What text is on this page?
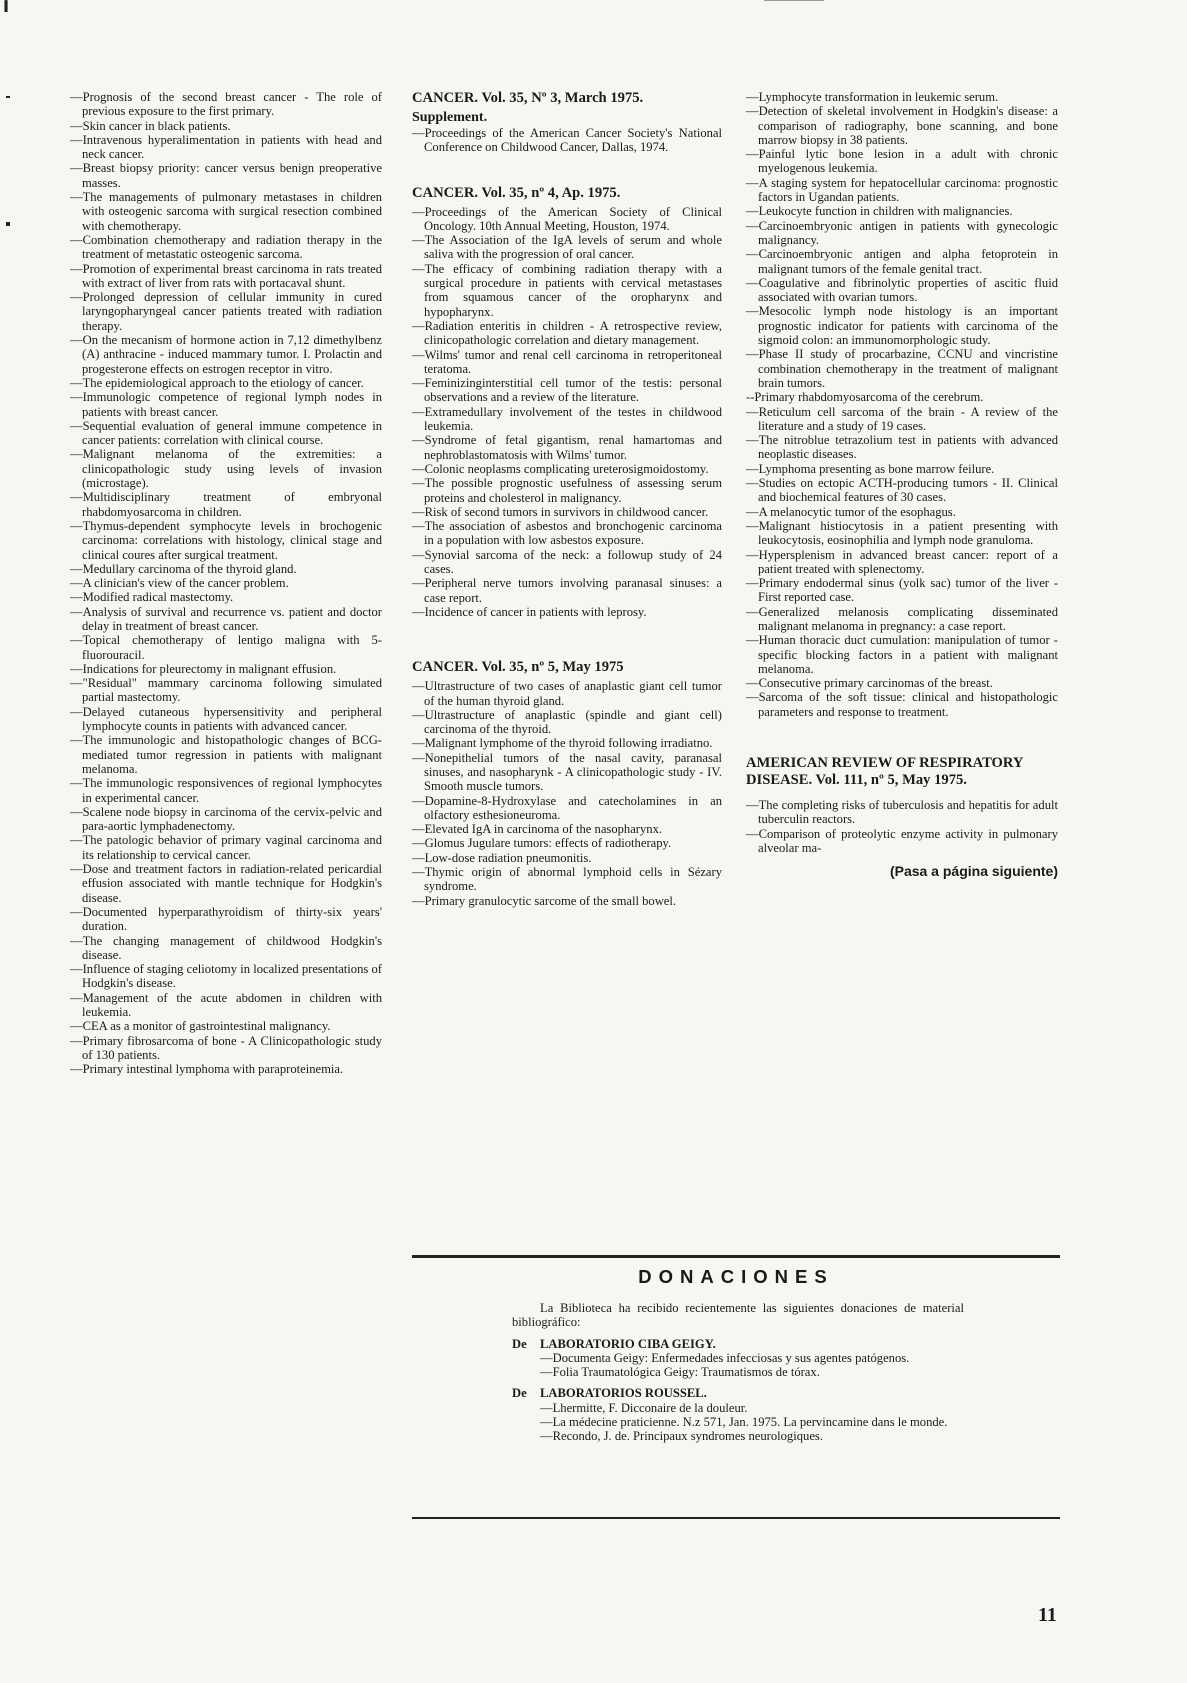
—Prognosis of the second breast cancer - The role of previous exposure to the first primary.

—Skin cancer in black patients.

—Intravenous hyperalimentation in patients with head and neck cancer.

—Breast biopsy priority: cancer versus benign preoperative masses.

—The managements of pulmonary metastases in children with osteogenic sarcoma with surgical resection combined with chemotherapy.

—Combination chemotherapy and radiation therapy in the treatment of metastatic osteogenic sarcoma.

—Promotion of experimental breast carcinoma in rats treated with extract of liver from rats with portacaval shunt.

—Prolonged depression of cellular immunity in cured laryngopharyngeal cancer patients treated with radiation therapy.

—On the mecanism of hormone action in 7,12 dimethylbenz (A) anthracine - induced mammary tumor. I. Prolactin and progesterone effects on estrogen receptor in vitro.

—The epidemiological approach to the etiology of cancer.

—Immunologic competence of regional lymph nodes in patients with breast cancer.

—Sequential evaluation of general immune competence in cancer patients: correlation with clinical course.

—Malignant melanoma of the extremities: a clinicopathologic study using levels of invasion (microstage).

—Multidisciplinary treatment of embryonal rhabdomyosarcoma in children.

—Thymus-dependent symphocyte levels in brochogenic carcinoma: correlations with histology, clinical stage and clinical coures after surgical treatment.

—Medullary carcinoma of the thyroid gland.

—A clinician's view of the cancer problem.

—Modified radical mastectomy.

—Analysis of survival and recurrence vs. patient and doctor delay in treatment of breast cancer.

—Topical chemotherapy of lentigo maligna with 5-fluorouracil.

—Indications for pleurectomy in malignant effusion.

—"Residual" mammary carcinoma following simulated partial mastectomy.

—Delayed cutaneous hypersensitivity and peripheral lymphocyte counts in patients with advanced cancer.

—The immunologic and histopathologic changes of BCG-mediated tumor regression in patients with malignant melanoma.

—The immunologic responsivences of regional lymphocytes in experimental cancer.

—Scalene node biopsy in carcinoma of the cervix-pelvic and para-aortic lymphadenectomy.

—The patologic behavior of primary vaginal carcinoma and its relationship to cervical cancer.

—Dose and treatment factors in radiation-related pericardial effusion associated with mantle technique for Hodgkin's disease.

—Documented hyperparathyroidism of thirty-six years' duration.

—The changing management of childwood Hodgkin's disease.

—Influence of staging celiotomy in localized presentations of Hodgkin's disease.

—Management of the acute abdomen in children with leukemia.

—CEA as a monitor of gastrointestinal malignancy.

—Primary fibrosarcoma of bone - A Clinicopathologic study of 130 patients.

—Primary intestinal lymphoma with paraproteinemia.

CANCER. Vol. 35, Nº 3, March 1975.

Supplement.

—Proceedings of the American Cancer Society's National Conference on Childwood Cancer, Dallas, 1974.

CANCER. Vol. 35, nº 4, Ap. 1975.

—Proceedings of the American Society of Clinical Oncology. 10th Annual Meeting, Houston, 1974.

—The Association of the IgA levels of serum and whole saliva with the progression of oral cancer.

—The efficacy of combining radiation therapy with a surgical procedure in patients with cervical metastases from squamous cancer of the oropharynx and hypopharynx.

—Radiation enteritis in children - A retrospective review, clinicopathologic correlation and dietary management.

—Wilms' tumor and renal cell carcinoma in retroperitoneal teratoma.

—Feminizinginterstitial cell tumor of the testis: personal observations and a review of the literature.

—Extramedullary involvement of the testes in childwood leukemia.

—Syndrome of fetal gigantism, renal hamartomas and nephroblastomatosis with Wilms' tumor.

—Colonic neoplasms complicating ureterosigmoidostomy.

—The possible prognostic usefulness of assessing serum proteins and cholesterol in malignancy.

—Risk of second tumors in survivors in childwood cancer.

—The association of asbestos and bronchogenic carcinoma in a population with low asbestos exposure.

—Synovial sarcoma of the neck: a followup study of 24 cases.

—Peripheral nerve tumors involving paranasal sinuses: a case report.

—Incidence of cancer in patients with leprosy.

CANCER. Vol. 35, nº 5, May 1975

—Ultrastructure of two cases of anaplastic giant cell tumor of the human thyroid gland.

—Ultrastructure of anaplastic (spindle and giant cell) carcinoma of the thyroid.

—Malignant lymphome of the thyroid following irradiatno.

—Nonepithelial tumors of the nasal cavity, paranasal sinuses, and nasopharynk - A clinicopathologic study - IV. Smooth muscle tumors.

—Dopamine-8-Hydroxylase and catecholamines in an olfactory esthesioneuroma.

—Elevated IgA in carcinoma of the nasopharynx.

—Glomus Jugulare tumors: effects of radiotherapy.

—Low-dose radiation pneumonitis.

—Thymic origin of abnormal lymphoid cells in Sézary syndrome.

—Primary granulocytic sarcome of the small bowel.

—Lymphocyte transformation in leukemic serum.

—Detection of skeletal involvement in Hodgkin's disease: a comparison of radiography, bone scanning, and bone marrow biopsy in 38 patients.

—Painful lytic bone lesion in a adult with chronic myelogenous leukemia.

—A staging system for hepatocellular carcinoma: prognostic factors in Ugandan patients.

—Leukocyte function in children with malignancies.

—Carcinoembryonic antigen in patients with gynecologic malignancy.

—Carcinoembryonic antigen and alpha fetoprotein in malignant tumors of the female genital tract.

—Coagulative and fibrinolytic properties of ascitic fluid associated with ovarian tumors.

—Mesocolic lymph node histology is an important prognostic indicator for patients with carcinoma of the sigmoid colon: an immunomorphologic study.

—Phase II study of procarbazine, CCNU and vincristine combination chemotherapy in the treatment of malignant brain tumors.

--Primary rhabdomyosarcoma of the cerebrum.

—Reticulum cell sarcoma of the brain - A review of the literature and a study of 19 cases.

—The nitroblue tetrazolium test in patients with advanced neoplastic diseases.

—Lymphoma presenting as bone marrow feilure.

—Studies on ectopic ACTH-producing tumors - II. Clinical and biochemical features of 30 cases.

—A melanocytic tumor of the esophagus.

—Malignant histiocytosis in a patient presenting with leukocytosis, eosinophilia and lymph node granuloma.

—Hypersplenism in advanced breast cancer: report of a patient treated with splenectomy.

—Primary endodermal sinus (yolk sac) tumor of the liver - First reported case.

—Generalized melanosis complicating disseminated malignant melanoma in pregnancy: a case report.

—Human thoracic duct cumulation: manipulation of tumor - specific blocking factors in a patient with malignant melanoma.

—Consecutive primary carcinomas of the breast.

—Sarcoma of the soft tissue: clinical and histopathologic parameters and response to treatment.

AMERICAN REVIEW OF RESPIRATORY DISEASE. Vol. 111, nº 5, May 1975.

—The completing risks of tuberculosis and hepatitis for adult tuberculin reactors.

—Comparison of proteolytic enzyme activity in pulmonary alveolar ma-

(Pasa a página siguiente)

DONACIONES

La Biblioteca ha recibido recientemente las siguientes donaciones de material bibliográfico:

De LABORATORIO CIBA GEIGY.

—Documenta Geigy: Enfermedades infecciosas y sus agentes patógenos.

—Folia Traumatológica Geigy: Traumatismos de tórax.

De LABORATORIOS ROUSSEL.

—Lhermitte, F. Dicconaire de la douleur.

—La médecine praticienne. N.z 571, Jan. 1975. La pervincamine dans le monde.

—Recondo, J. de. Principaux syndromes neurologiques.

11
╹
